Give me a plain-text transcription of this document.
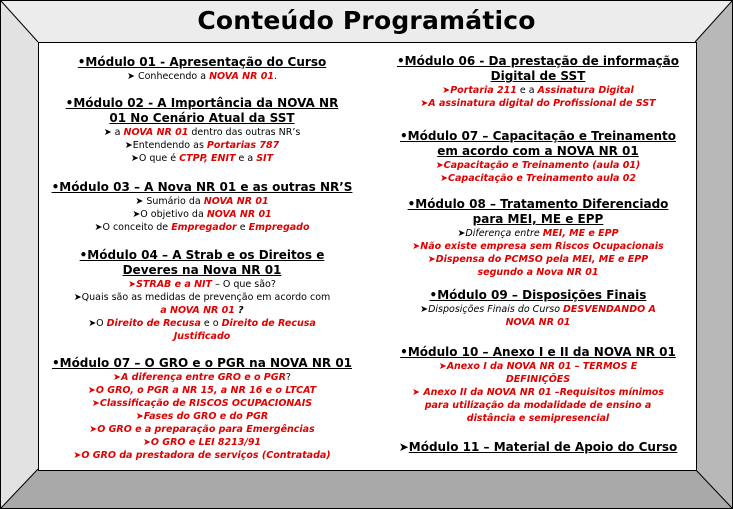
Conteúdo Programático
•Módulo 01 - Apresentação do Curso
➤ Conhecendo a NOVA NR 01.
•Módulo 02 - A Importância da NOVA NR
01 No Cenário Atual da SST
➤ a NOVA NR 01 dentro das outras NR’s
➤Entendendo as Portarias 787
➤O que é CTPP, ENIT e a SIT
•Módulo 03 – A Nova NR 01 e as outras NR’S
➤ Sumário da NOVA NR 01
➤O objetivo da NOVA NR 01
➤O conceito de Empregador e Empregado
•Módulo 04 – A Strab e os Direitos e
Deveres na Nova NR 01
➤STRAB e a NIT – O que são?
➤Quais são as medidas de prevenção em acordo com
a NOVA NR 01 ?
➤O Direito de Recusa e o Direito de Recusa
Justificado
•Módulo 07 – O GRO e o PGR na NOVA NR 01
➤A diferença entre GRO e o PGR?
➤O GRO, o PGR a NR 15, a NR 16 e o LTCAT
➤Classificação de RISCOS OCUPACIONAIS
➤Fases do GRO e do PGR
➤O GRO e a preparação para Emergências
➤O GRO e LEI 8213/91
➤O GRO da prestadora de serviços (Contratada)
•Módulo 06 - Da prestação de informação
Digital de SST
➤Portaria 211 e a Assinatura Digital
➤A assinatura digital do Profissional de SST
•Módulo 07 – Capacitação e Treinamento
em acordo com a NOVA NR 01
➤Capacitação e Treinamento (aula 01)
➤Capacitação e Treinamento aula 02
•Módulo 08 – Tratamento Diferenciado
para MEI, ME e EPP
➤Diferença entre MEI, ME e EPP
➤Não existe empresa sem Riscos Ocupacionais
➤Dispensa do PCMSO pela MEI, ME e EPP
segundo a Nova NR 01
•Módulo 09 – Disposições Finais
➤Disposições Finais do Curso DESVENDANDO A
NOVA NR 01
•Módulo 10 – Anexo I e II da NOVA NR 01
➤Anexo I da NOVA NR 01 – TERMOS E
DEFINIÇÕES
➤ Anexo II da NOVA NR 01 –Requisitos mínimos
para utilização da modalidade de ensino a
distância e semipresencial
➤Módulo 11 – Material de Apoio do Curso
